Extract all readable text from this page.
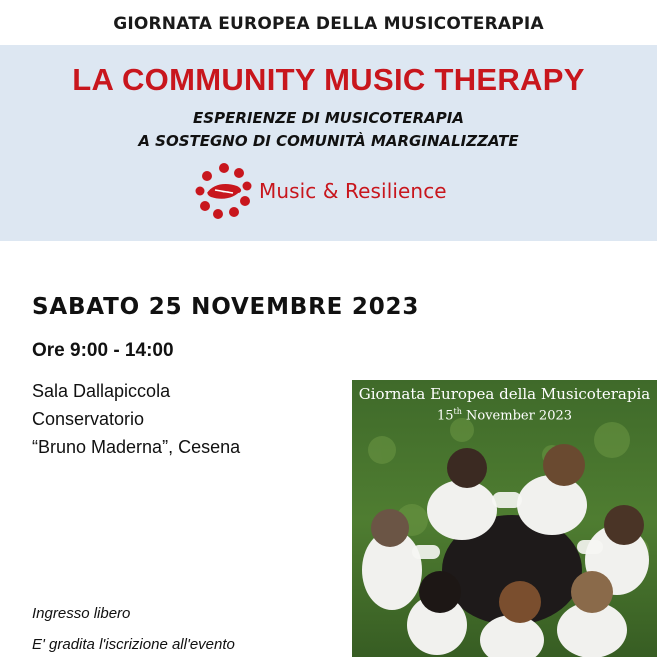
GIORNATA EUROPEA DELLA MUSICOTERAPIA
LA COMMUNITY MUSIC THERAPY
ESPERIENZE DI MUSICOTERAPIA
A SOSTEGNO DI COMUNITÀ MARGINALIZZATE
Music & Resilience
SABATO 25 NOVEMBRE 2023
Ore 9:00 - 14:00
Sala Dallapiccola
Conservatorio
“Bruno Maderna”, Cesena
Ingresso libero
E' gradita l'iscrizione all'evento
Giornata Europea della Musicoterapia
15th November 2023
